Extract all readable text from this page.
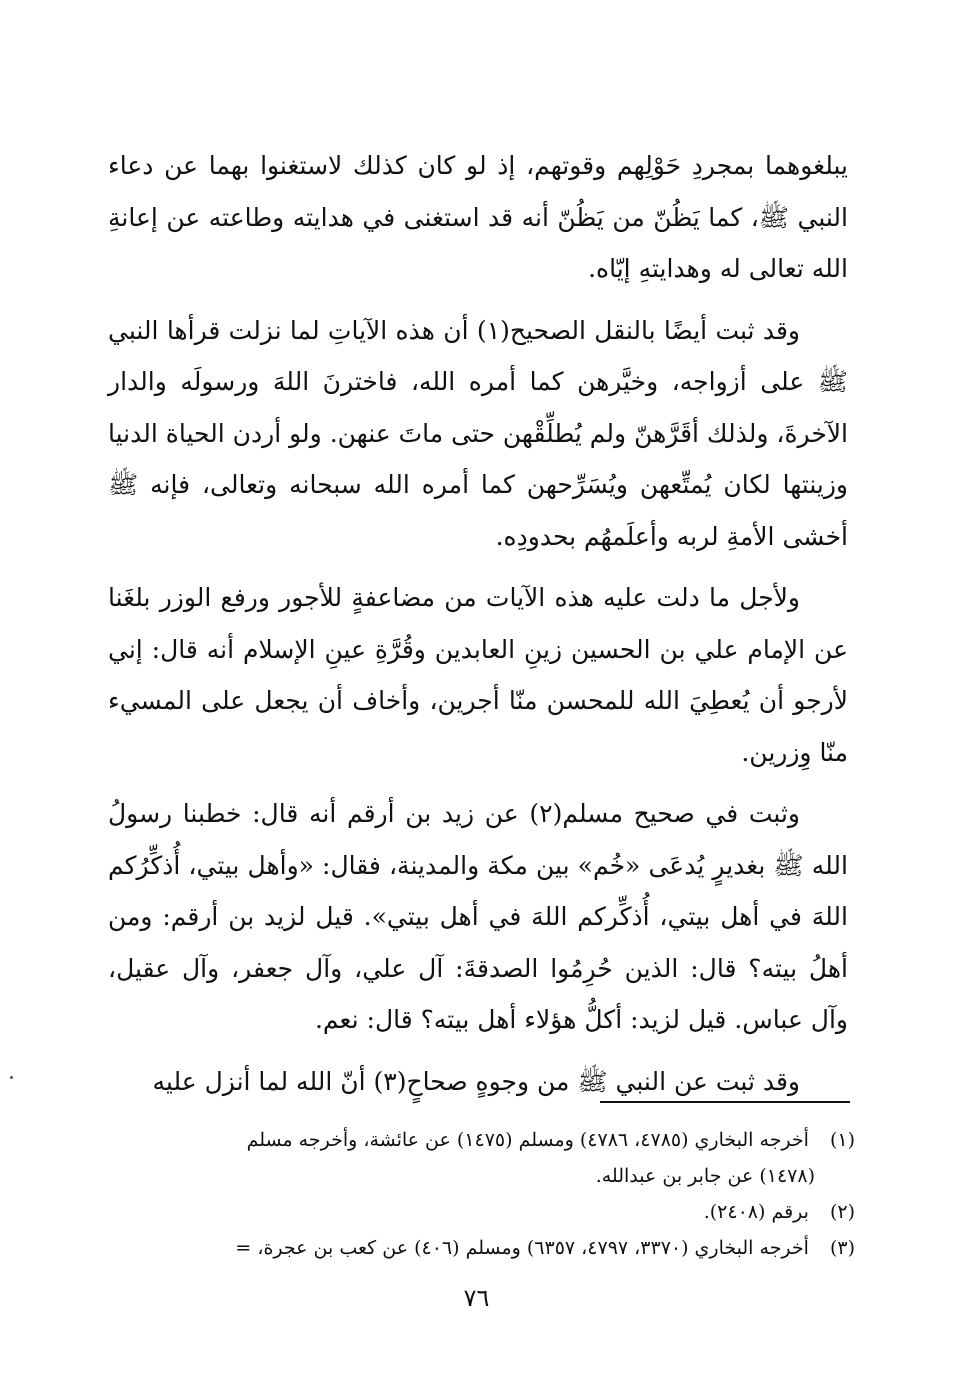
يبلغوهما بمجردِ حَوْلِهم وقوتهم، إذ لو كان كذلك لاستغنوا بهما عن دعاء النبي ﷺ، كما يَظُنّ من يَظُنّ أنه قد استغنى في هدايته وطاعته عن إعانةِ الله تعالى له وهدايتهِ إيّاه.

وقد ثبت أيضًا بالنقل الصحيح(١) أن هذه الآياتِ لما نزلت قرأها النبي ﷺ على أزواجه، وخيَّرهن كما أمره الله، فاخترنَ اللهَ ورسولَه والدار الآخرةَ، ولذلك أقَرَّهنّ ولم يُطلِّقْهن حتى ماتَ عنهن. ولو أردن الحياة الدنيا وزينتها لكان يُمتِّعهن ويُسَرِّحهن كما أمره الله سبحانه وتعالى، فإنه ﷺ أخشى الأمةِ لربه وأعلَمهُم بحدودِه.

ولأجل ما دلت عليه هذه الآيات من مضاعفةٍ للأجور ورفع الوزر بلغَنا عن الإمام علي بن الحسين زينِ العابدين وقُرَّةِ عينِ الإسلام أنه قال: إني لأرجو أن يُعطِيَ الله للمحسن منّا أجرين، وأخاف أن يجعل على المسيء منّا وِزرين.

وثبت في صحيح مسلم(٢) عن زيد بن أرقم أنه قال: خطبنا رسولُ الله ﷺ بغديرٍ يُدعَى «خُم» بين مكة والمدينة، فقال: «وأهل بيتي، أُذكِّرُكم اللهَ في أهل بيتي، أُذكِّركم اللهَ في أهل بيتي». قيل لزيد بن أرقم: ومن أهلُ بيته؟ قال: الذين حُرِمُوا الصدقةَ: آل علي، وآل جعفر، وآل عقيل، وآل عباس. قيل لزيد: أكلُّ هؤلاء أهل بيته؟ قال: نعم.

وقد ثبت عن النبي ﷺ من وجوهٍ صحاحٍ(٣) أنّ الله لما أنزل عليه

(١) أخرجه البخاري (٤٧٨٥، ٤٧٨٦) ومسلم (١٤٧٥) عن عائشة، وأخرجه مسلم

(١٤٧٨) عن جابر بن عبدالله.

(٢) برقم (٢٤٠٨).

(٣) أخرجه البخاري (٣٣٧٠، ٤٧٩٧، ٦٣٥٧) ومسلم (٤٠٦) عن كعب بن عجرة، =

٧٦
